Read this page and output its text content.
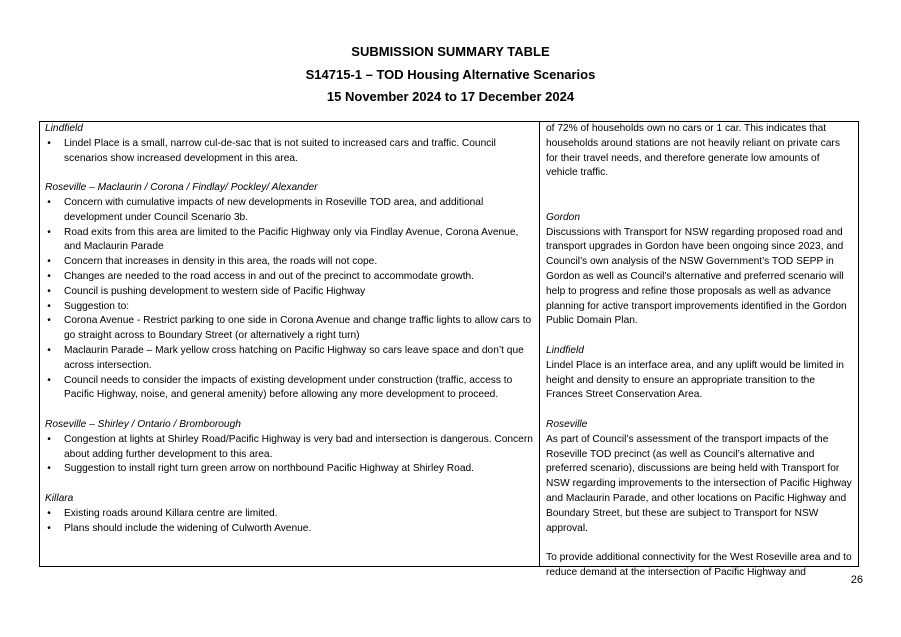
SUBMISSION SUMMARY TABLE
S14715-1 – TOD Housing Alternative Scenarios
15 November 2024 to 17 December 2024
Lindfield
• Lindel Place is a small, narrow cul-de-sac that is not suited to increased cars and traffic. Council scenarios show increased development in this area.
Roseville – Maclaurin / Corona / Findlay/ Pockley/ Alexander
• Concern with cumulative impacts of new developments in Roseville TOD area, and additional development under Council Scenario 3b.
• Road exits from this area are limited to the Pacific Highway only via Findlay Avenue, Corona Avenue, and Maclaurin Parade
• Concern that increases in density in this area, the roads will not cope.
• Changes are needed to the road access in and out of the precinct to accommodate growth.
• Council is pushing development to western side of Pacific Highway
• Suggestion to:
• Corona Avenue - Restrict parking to one side in Corona Avenue and change traffic lights to allow cars to go straight across to Boundary Street (or alternatively a right turn)
• Maclaurin Parade – Mark yellow cross hatching on Pacific Highway so cars leave space and don’t que across intersection.
• Council needs to consider the impacts of existing development under construction (traffic, access to Pacific Highway, noise, and general amenity) before allowing any more development to proceed.
Roseville – Shirley / Ontario / Bromborough
• Congestion at lights at Shirley Road/Pacific Highway is very bad and intersection is dangerous. Concern about adding further development to this area.
• Suggestion to install right turn green arrow on northbound Pacific Highway at Shirley Road.
Killara
• Existing roads around Killara centre are limited.
• Plans should include the widening of Culworth Avenue.
of 72% of households own no cars or 1 car. This indicates that households around stations are not heavily reliant on private cars for their travel needs, and therefore generate low amounts of vehicle traffic.
Gordon
Discussions with Transport for NSW regarding proposed road and transport upgrades in Gordon have been ongoing since 2023, and Council’s own analysis of the NSW Government’s TOD SEPP in Gordon as well as Council’s alternative and preferred scenario will help to progress and refine those proposals as well as advance planning for active transport improvements identified in the Gordon Public Domain Plan.
Lindfield
Lindel Place is an interface area, and any uplift would be limited in height and density to ensure an appropriate transition to the Frances Street Conservation Area.
Roseville
As part of Council’s assessment of the transport impacts of the Roseville TOD precinct (as well as Council’s alternative and preferred scenario), discussions are being held with Transport for NSW regarding improvements to the intersection of Pacific Highway and Maclaurin Parade, and other locations on Pacific Highway and Boundary Street, but these are subject to Transport for NSW approval.
To provide additional connectivity for the West Roseville area and to reduce demand at the intersection of Pacific Highway and
26
